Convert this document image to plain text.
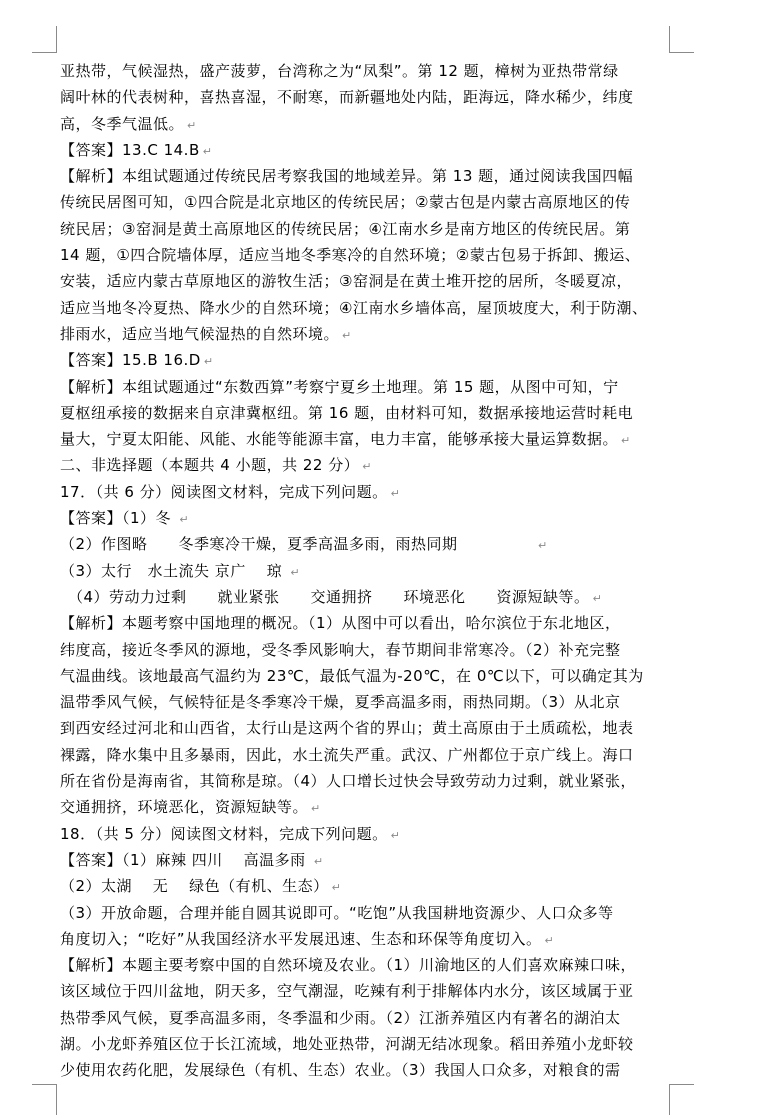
亚热带，气候湿热，盛产菠萝，台湾称之为“凤梨”。第 12 题，樟树为亚热带常绿
阔叶林的代表树种，喜热喜湿，不耐寒，而新疆地处内陆，距海远，降水稀少，纬度
高，冬季气温低。 ↵
【答案】13.C 14.B ↵
【解析】本组试题通过传统民居考察我国的地域差异。第 13 题，通过阅读我国四幅
传统民居图可知，①四合院是北京地区的传统民居；②蒙古包是内蒙古高原地区的传
统民居；③窑洞是黄土高原地区的传统民居；④江南水乡是南方地区的传统民居。第
14 题，①四合院墙体厚，适应当地冬季寒冷的自然环境；②蒙古包易于拆卸、搬运、
安装，适应内蒙古草原地区的游牧生活；③窑洞是在黄土堆开挖的居所，冬暖夏凉，
适应当地冬冷夏热、降水少的自然环境；④江南水乡墙体高，屋顶坡度大，利于防潮、
排雨水，适应当地气候湿热的自然环境。 ↵
【答案】15.B 16.D ↵
【解析】本组试题通过“东数西算”考察宁夏乡土地理。第 15 题，从图中可知，宁
夏枢纽承接的数据来自京津冀枢纽。第 16 题，由材料可知，数据承接地运营时耗电
量大，宁夏太阳能、风能、水能等能源丰富，电力丰富，能够承接大量运算数据。 ↵
二、非选择题（本题共 4 小题，共 22 分） ↵
17．（共 6 分）阅读图文材料，完成下列问题。 ↵
【答案】（1）冬 ↵
（2）作图略　　冬季寒冷干燥，夏季高温多雨，雨热同期　　　　　↵
（3）太行　水土流失 京广　 琼 ↵
　（4）劳动力过剩　　就业紧张　　交通拥挤　　环境恶化　　资源短缺等。 ↵
【解析】本题考察中国地理的概况。（1）从图中可以看出，哈尔滨位于东北地区，
纬度高，接近冬季风的源地，受冬季风影响大，春节期间非常寒冷。（2）补充完整
气温曲线。该地最高气温约为 23℃，最低气温为-20℃，在 0℃以下，可以确定其为
温带季风气候，气候特征是冬季寒冷干燥，夏季高温多雨，雨热同期。（3）从北京
到西安经过河北和山西省，太行山是这两个省的界山；黄土高原由于土质疏松，地表
裸露，降水集中且多暴雨，因此，水土流失严重。武汉、广州都位于京广线上。海口
所在省份是海南省，其简称是琼。（4）人口增长过快会导致劳动力过剩，就业紧张，
交通拥挤，环境恶化，资源短缺等。 ↵
18．（共 5 分）阅读图文材料，完成下列问题。 ↵
【答案】（1）麻辣 四川　 高温多雨 ↵
（2）太湖　 无　 绿色（有机、生态） ↵
（3）开放命题，合理并能自圆其说即可。“吃饱”从我国耕地资源少、人口众多等
角度切入；“吃好”从我国经济水平发展迅速、生态和环保等角度切入。 ↵
【解析】本题主要考察中国的自然环境及农业。（1）川渝地区的人们喜欢麻辣口味，
该区域位于四川盆地，阴天多，空气潮湿，吃辣有利于排解体内水分，该区域属于亚
热带季风气候，夏季高温多雨，冬季温和少雨。（2）江浙养殖区内有著名的湖泊太
湖。小龙虾养殖区位于长江流域，地处亚热带，河湖无结冰现象。稻田养殖小龙虾较
少使用农药化肥，发展绿色（有机、生态）农业。（3）我国人口众多，对粮食的需
